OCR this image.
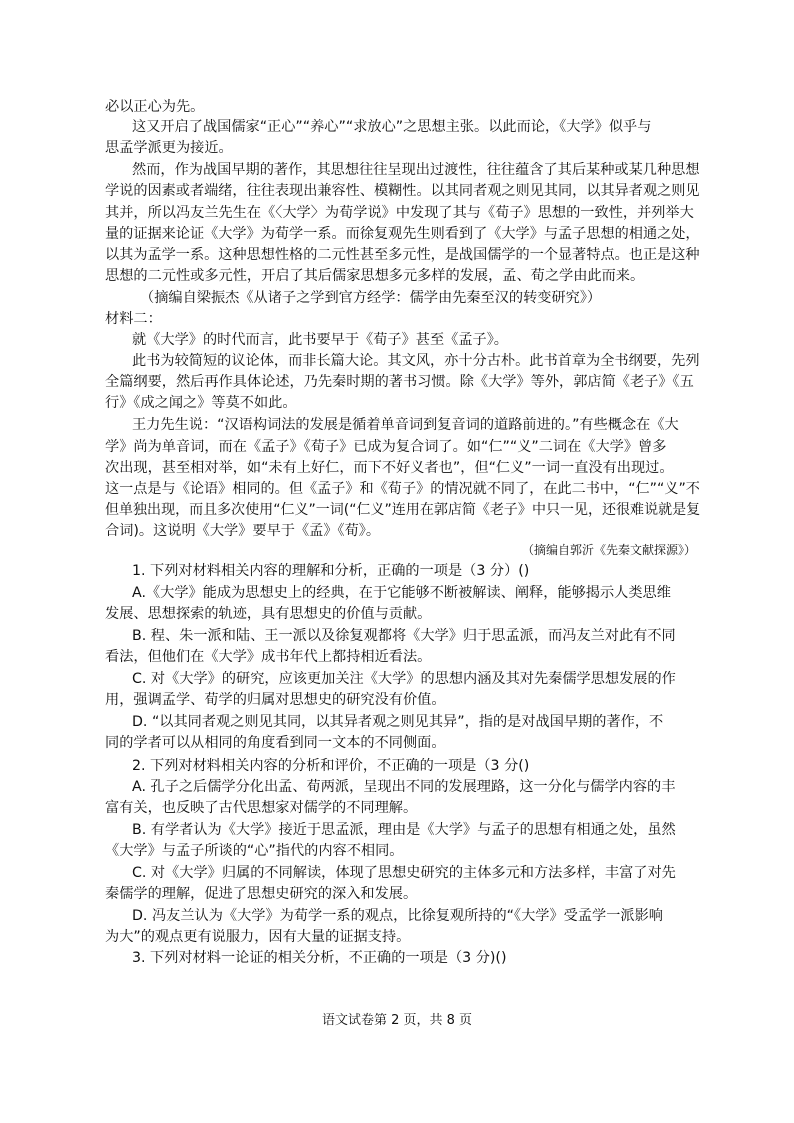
必以正心为先。
这又开启了战国儒家“正心”“养心”“求放心”之思想主张。以此而论，《大学》似乎与
思孟学派更为接近。
然而，作为战国早期的著作，其思想往往呈现出过渡性，往往蕴含了其后某种或某几种思想
学说的因素或者端绪，往往表现出兼容性、模糊性。以其同者观之则见其同，以其异者观之则见
其并，所以冯友兰先生在《〈大学〉为荀学说》中发现了其与《荀子》思想的一致性，并列举大
量的证据来论证《大学》为荀学一系。而徐复观先生则看到了《大学》与孟子思想的相通之处，
以其为孟学一系。这种思想性格的二元性甚至多元性，是战国儒学的一个显著特点。也正是这种
思想的二元性或多元性，开启了其后儒家思想多元多样的发展，孟、荀之学由此而来。
（摘编自梁振杰《从诸子之学到官方经学：儒学由先秦至汉的转变研究》）
材料二：
就《大学》的时代而言，此书要早于《荀子》甚至《孟子》。
此书为较简短的议论体，而非长篇大论。其文风，亦十分古朴。此书首章为全书纲要，先列
全篇纲要，然后再作具体论述，乃先秦时期的著书习惯。除《大学》等外，郭店简《老子》《五
行》《成之闻之》等莫不如此。
王力先生说：“汉语构词法的发展是循着单音词到复音词的道路前进的。”有些概念在《大
学》尚为单音词，而在《孟子》《荀子》已成为复合词了。如“仁”“义”二词在《大学》曾多
次出现，甚至相对举，如“未有上好仁，而下不好义者也”，但“仁义”一词一直没有出现过。
这一点是与《论语》相同的。但《孟子》和《荀子》的情况就不同了，在此二书中，“仁”“义”不
但单独出现，而且多次使用“仁义”一词(“仁义”连用在郭店简《老子》中只一见，还很难说就是复
合词)。这说明《大学》要早于《孟》《荀》。
（摘编自郭沂《先秦文献探源》）
1. 下列对材料相关内容的理解和分析，正确的一项是（3 分）()
A.《大学》能成为思想史上的经典，在于它能够不断被解读、阐释，能够揭示人类思维
发展、思想探索的轨迹，具有思想史的价值与贡献。
B. 程、朱一派和陆、王一派以及徐复观都将《大学》归于思孟派，而冯友兰对此有不同
看法，但他们在《大学》成书年代上都持相近看法。
C. 对《大学》的研究，应该更加关注《大学》的思想内涵及其对先秦儒学思想发展的作
用，强调孟学、荀学的归属对思想史的研究没有价值。
D. “以其同者观之则见其同，以其异者观之则见其异”，指的是对战国早期的著作，不
同的学者可以从相同的角度看到同一文本的不同侧面。
2. 下列对材料相关内容的分析和评价，不正确的一项是（3 分()
A. 孔子之后儒学分化出孟、荀两派，呈现出不同的发展理路，这一分化与儒学内容的丰
富有关，也反映了古代思想家对儒学的不同理解。
B. 有学者认为《大学》接近于思孟派，理由是《大学》与孟子的思想有相通之处，虽然
《大学》与孟子所谈的“心”指代的内容不相同。
C. 对《大学》归属的不同解读，体现了思想史研究的主体多元和方法多样，丰富了对先
秦儒学的理解，促进了思想史研究的深入和发展。
D. 冯友兰认为《大学》为荀学一系的观点，比徐复观所持的“《大学》受孟学一派影响
为大”的观点更有说服力，因有大量的证据支持。
3. 下列对材料一论证的相关分析，不正确的一项是（3 分)()
语文试卷第 2 页，共 8 页
